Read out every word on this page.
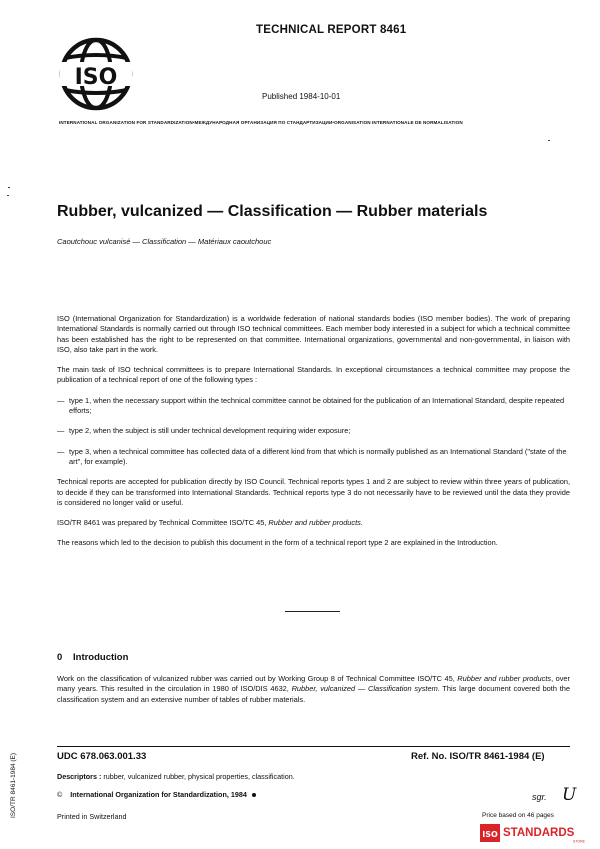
TECHNICAL REPORT 8461
ISO
Published 1984-10-01
INTERNATIONAL ORGANIZATION FOR STANDARDIZATION•МЕЖДУНАРОДНАЯ ОРГАНИЗАЦИЯ ПО СТАНДАРТИЗАЦИИ•ORGANISATION INTERNATIONALE DE NORMALISATION
Rubber, vulcanized — Classification — Rubber materials
Caoutchouc vulcanisé — Classification — Matériaux caoutchouc

ISO (International Organization for Standardization) is a worldwide federation of national standards bodies (ISO member bodies). The work of preparing International Standards is normally carried out through ISO technical committees. Each member body interested in a subject for which a technical committee has been established has the right to be represented on that committee. International organizations, governmental and non-governmental, in liaison with ISO, also take part in the work.

The main task of ISO technical committees is to prepare International Standards. In exceptional circumstances a technical committee may propose the publication of a technical report of one of the following types :

— type 1, when the necessary support within the technical committee cannot be obtained for the publication of an International Standard, despite repeated efforts;
— type 2, when the subject is still under technical development requiring wider exposure;
— type 3, when a technical committee has collected data of a different kind from that which is normally published as an International Standard ("state of the art", for example).

Technical reports are accepted for publication directly by ISO Council. Technical reports types 1 and 2 are subject to review within three years of publication, to decide if they can be transformed into International Standards. Technical reports type 3 do not necessarily have to be reviewed until the data they provide is considered no longer valid or useful.

ISO/TR 8461 was prepared by Technical Committee ISO/TC 45, Rubber and rubber products.

The reasons which led to the decision to publish this document in the form of a technical report type 2 are explained in the Introduction.

0 Introduction
Work on the classification of vulcanized rubber was carried out by Working Group 8 of Technical Committee ISO/TC 45, Rubber and rubber products, over many years. This resulted in the circulation in 1980 of ISO/DIS 4632, Rubber, vulcanized — Classification system. This large document covered both the classification system and an extensive number of tables of rubber materials.
UDC 678.063.001.33	Ref. No. ISO/TR 8461-1984 (E)
Descriptors : rubber, vulcanized rubber, physical properties, classification.
© International Organization for Standardization, 1984
Printed in Switzerland
ISO/TR 8461-1984 (E)	sgr. U
Price based on 46 pages
ISO STANDARDS
STORE
